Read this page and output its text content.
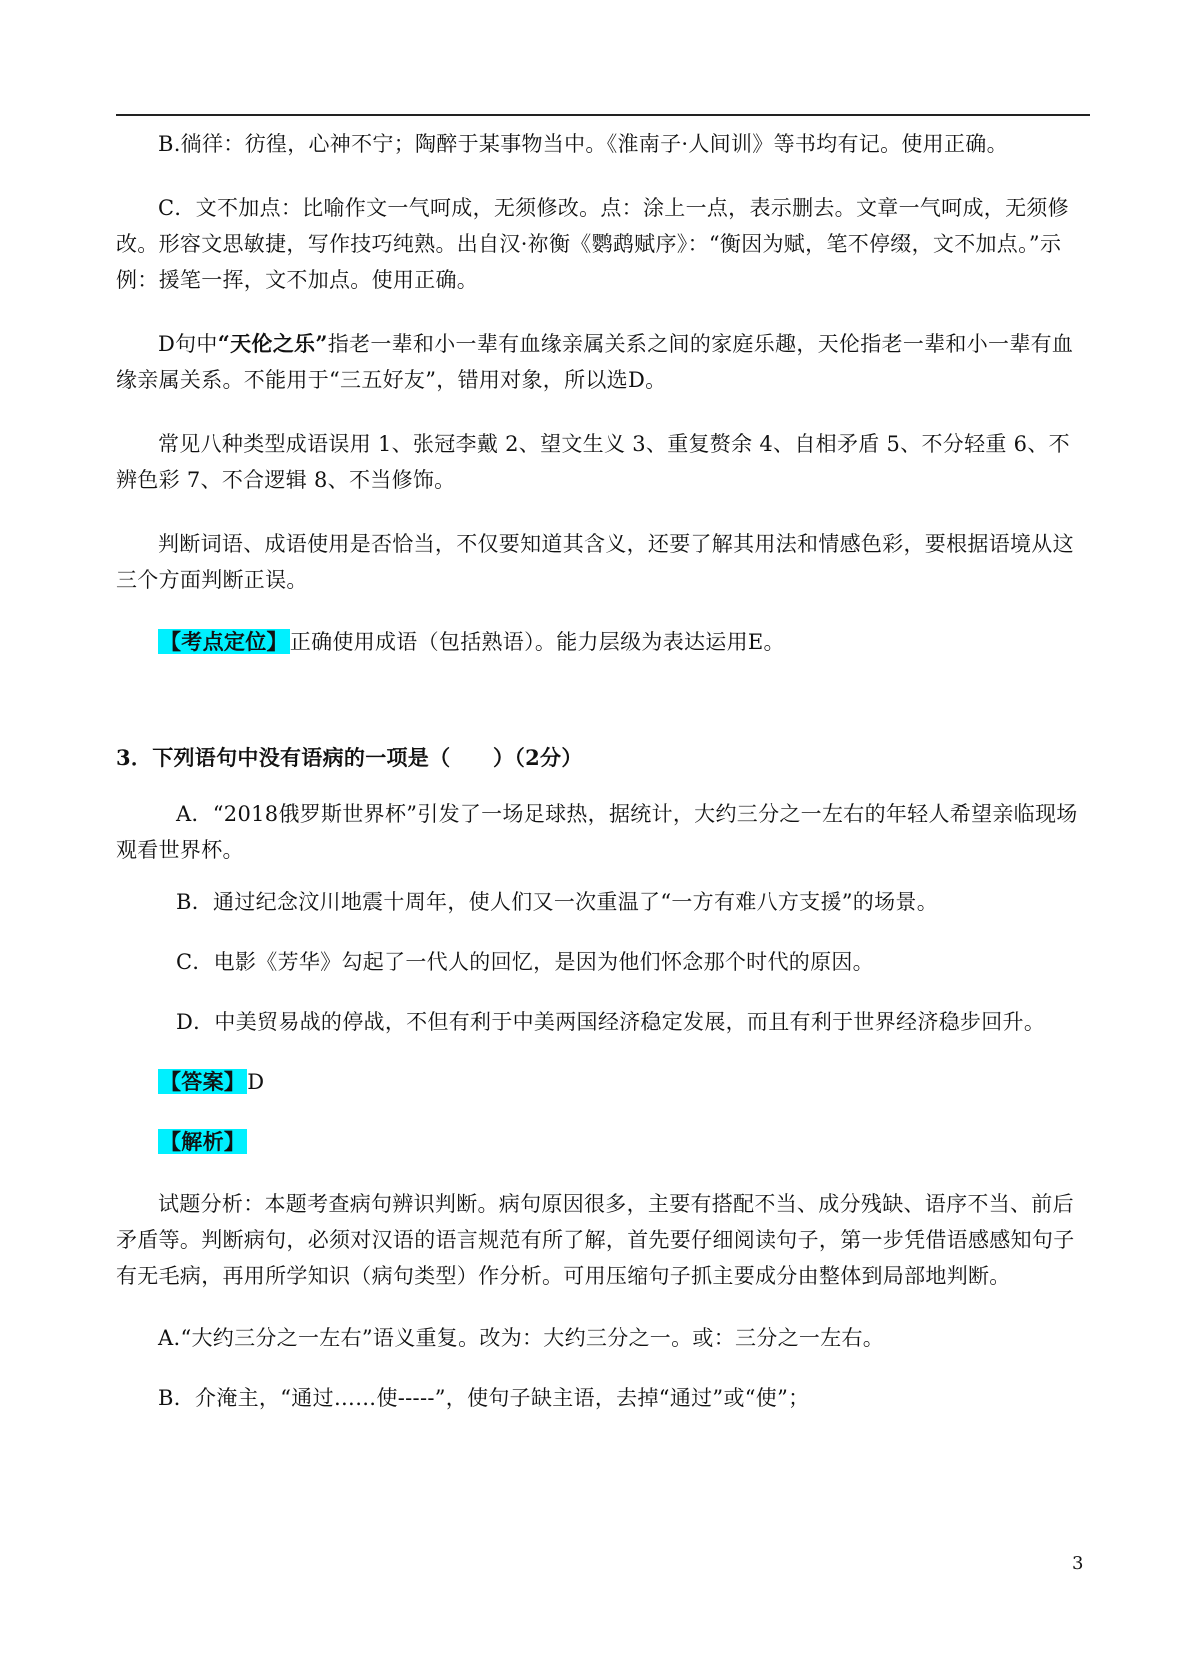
B.徜徉：彷徨，心神不宁；陶醉于某事物当中。《淮南子·人间训》等书均有记。使用正确。

C．文不加点：比喻作文一气呵成，无须修改。点：涂上一点，表示删去。文章一气呵成，无须修改。形容文思敏捷，写作技巧纯熟。出自汉·祢衡《鹦鹉赋序》：“衡因为赋，笔不停缀，文不加点。”示例：援笔一挥，文不加点。使用正确。

D句中“天伦之乐”指老一辈和小一辈有血缘亲属关系之间的家庭乐趣，天伦指老一辈和小一辈有血缘亲属关系。不能用于“三五好友”，错用对象，所以选D。

常见八种类型成语误用 1、张冠李戴 2、望文生义 3、重复赘余 4、自相矛盾 5、不分轻重 6、不辨色彩 7、不合逻辑 8、不当修饰。

判断词语、成语使用是否恰当，不仅要知道其含义，还要了解其用法和情感色彩，要根据语境从这三个方面判断正误。

【考点定位】正确使用成语（包括熟语）。能力层级为表达运用E。

3．下列语句中没有语病的一项是（　　）（2分）

A．“2018俄罗斯世界杯”引发了一场足球热，据统计，大约三分之一左右的年轻人希望亲临现场观看世界杯。

B．通过纪念汶川地震十周年，使人们又一次重温了“一方有难八方支援”的场景。

C．电影《芳华》勾起了一代人的回忆，是因为他们怀念那个时代的原因。

D．中美贸易战的停战，不但有利于中美两国经济稳定发展，而且有利于世界经济稳步回升。

【答案】D

【解析】

试题分析：本题考查病句辨识判断。病句原因很多，主要有搭配不当、成分残缺、语序不当、前后矛盾等。判断病句，必须对汉语的语言规范有所了解，首先要仔细阅读句子，第一步凭借语感感知句子有无毛病，再用所学知识（病句类型）作分析。可用压缩句子抓主要成分由整体到局部地判断。

A.“大约三分之一左右”语义重复。改为：大约三分之一。或：三分之一左右。

B．介淹主，“通过……使-----”，使句子缺主语，去掉“通过”或“使”；

3
